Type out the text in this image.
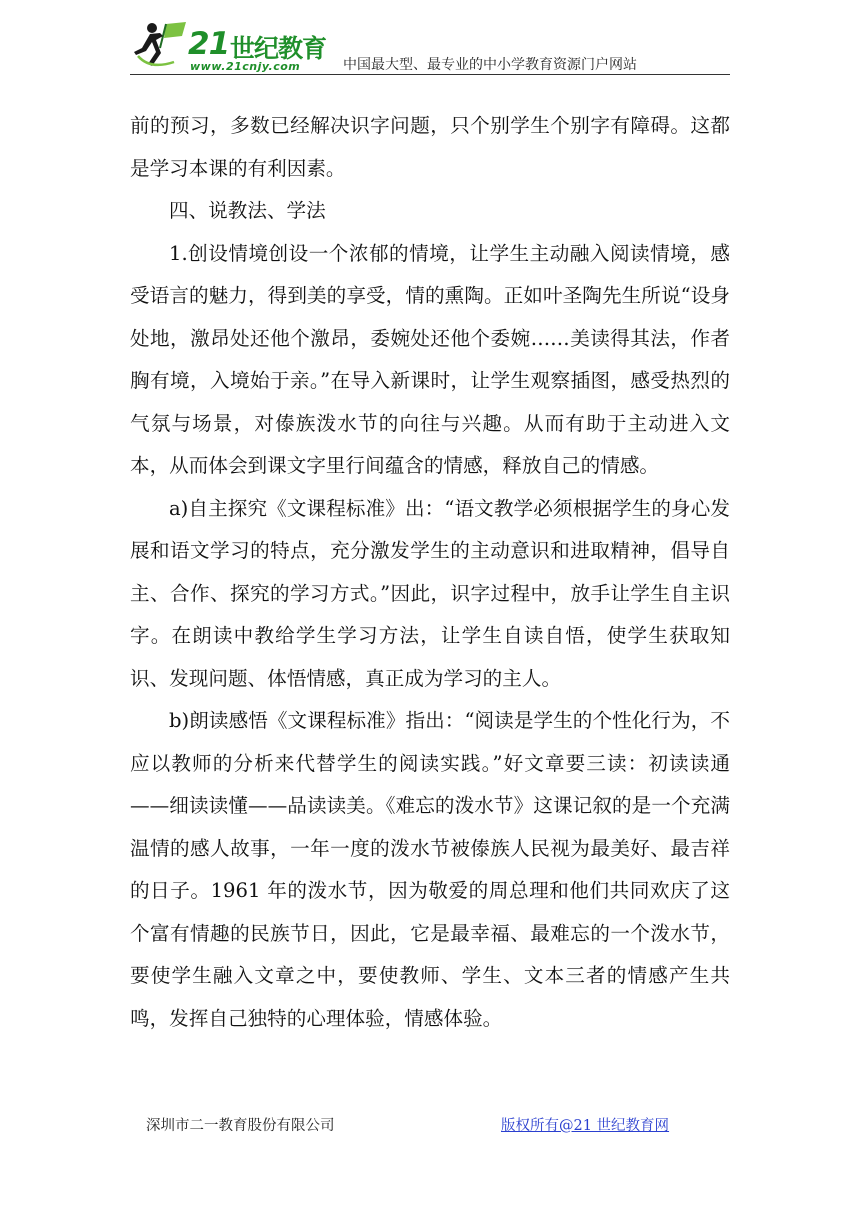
21 世纪教育
www.21cnjy.com	中国最大型、最专业的中小学教育资源门户网站

前的预习，多数已经解决识字问题，只个别学生个别字有障碍。这都是学习本课的有利因素。

四、说教法、学法

1.创设情境创设一个浓郁的情境，让学生主动融入阅读情境，感受语言的魅力，得到美的享受，情的熏陶。正如叶圣陶先生所说“设身处地，激昂处还他个激昂，委婉处还他个委婉……美读得其法，作者胸有境，入境始于亲。”在导入新课时，让学生观察插图，感受热烈的气氛与场景，对傣族泼水节的向往与兴趣。从而有助于主动进入文本，从而体会到课文字里行间蕴含的情感，释放自己的情感。

a)自主探究《文课程标准》出：“语文教学必须根据学生的身心发展和语文学习的特点，充分激发学生的主动意识和进取精神，倡导自主、合作、探究的学习方式。”因此，识字过程中，放手让学生自主识字。在朗读中教给学生学习方法，让学生自读自悟，使学生获取知识、发现问题、体悟情感，真正成为学习的主人。

b)朗读感悟《文课程标准》指出：“阅读是学生的个性化行为，不应以教师的分析来代替学生的阅读实践。”好文章要三读：初读读通——细读读懂——品读读美。《难忘的泼水节》这课记叙的是一个充满温情的感人故事，一年一度的泼水节被傣族人民视为最美好、最吉祥的日子。1961 年的泼水节，因为敬爱的周总理和他们共同欢庆了这个富有情趣的民族节日，因此，它是最幸福、最难忘的一个泼水节，要使学生融入文章之中，要使教师、学生、文本三者的情感产生共鸣，发挥自己独特的心理体验，情感体验。

深圳市二一教育股份有限公司	版权所有@21 世纪教育网
